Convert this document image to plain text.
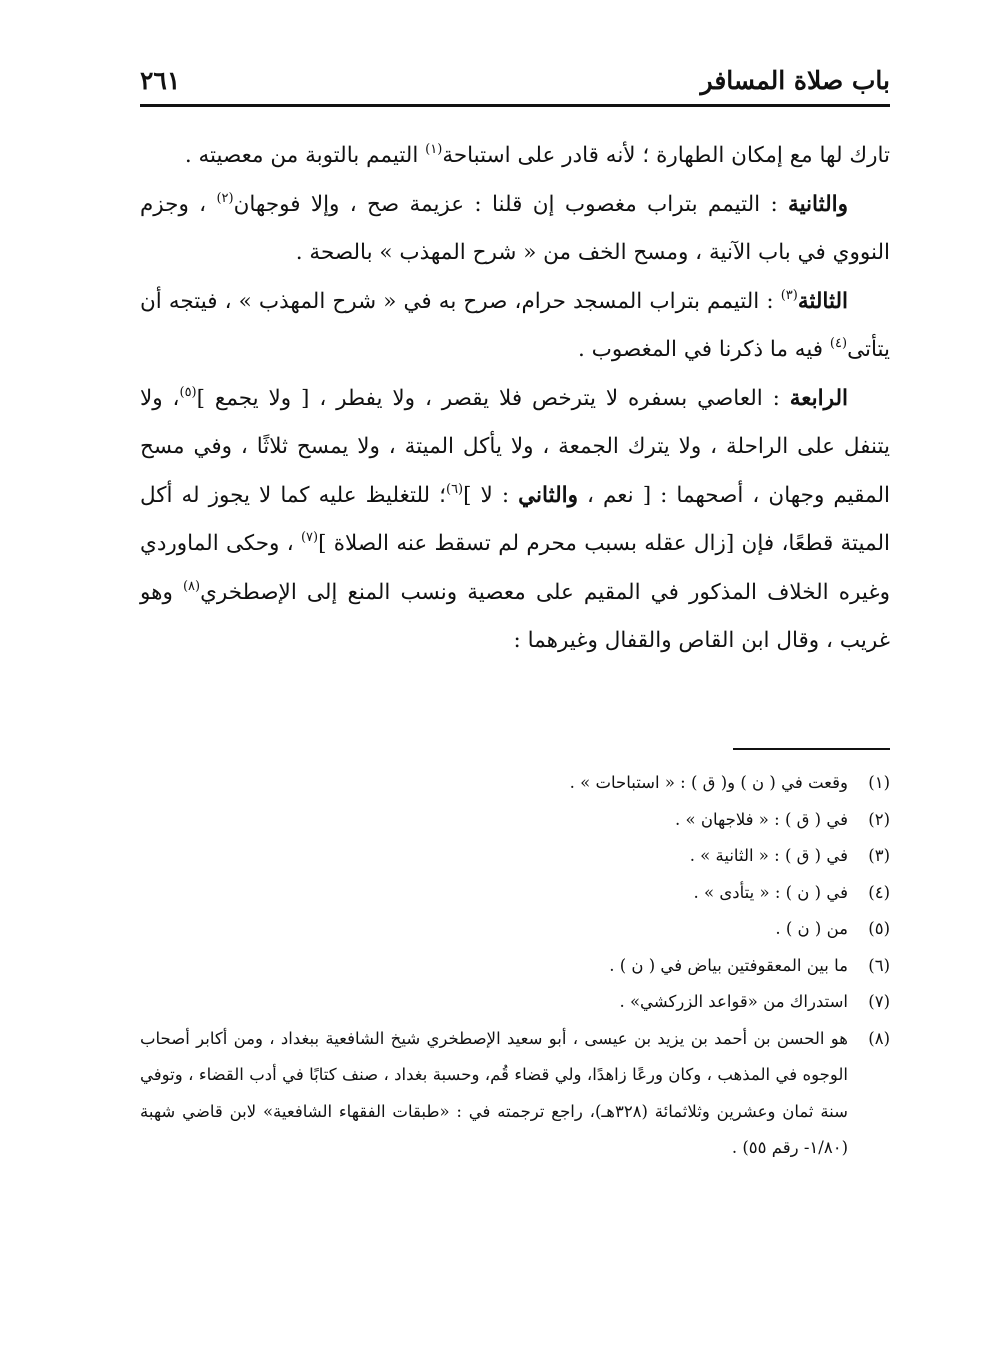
باب صلاة المسافر
٢٦١

تارك لها مع إمكان الطهارة ؛ لأنه قادر على استباحة$^{(١)}$ التيمم بالتوبة من معصيته .

والثانية : التيمم بتراب مغصوب إن قلنا : عزيمة صح ، وإلا فوجهان$^{(٢)}$ ، وجزم النووي في باب الآنية ، ومسح الخف من « شرح المهذب » بالصحة .

الثالثة$^{(٣)}$ : التيمم بتراب المسجد حرام، صرح به في « شرح المهذب » ، فيتجه أن يتأتى$^{(٤)}$ فيه ما ذكرنا في المغصوب .

الرابعة : العاصي بسفره لا يترخص فلا يقصر ، ولا يفطر ، [ ولا يجمع ]$^{(٥)}$، ولا يتنفل على الراحلة ، ولا يترك الجمعة ، ولا يأكل الميتة ، ولا يمسح ثلاثًا ، وفي مسح المقيم وجهان ، أصحهما : [ نعم ، والثاني : لا ]$^{(٦)}$؛ للتغليظ عليه كما لا يجوز له أكل الميتة قطعًا، فإن [زال عقله بسبب محرم لم تسقط عنه الصلاة ]$^{(٧)}$ ، وحكى الماوردي وغيره الخلاف المذكور في المقيم على معصية ونسب المنع إلى الإصطخري$^{(٨)}$ وهو غريب ، وقال ابن القاص والقفال وغيرهما :

(١)
وقعت في ( ن ) و( ق ) : « استباحات » .
(٢)
في ( ق ) : « فلاجهان » .
(٣)
في ( ق ) : « الثانية » .
(٤)
في ( ن ) : « يتأدى » .
(٥)
من ( ن ) .
(٦)
ما بين المعقوفتين بياض في ( ن ) .
(٧)
استدراك من «قواعد الزركشي» .
(٨)
هو الحسن بن أحمد بن يزيد بن عيسى ، أبو سعيد الإصطخري شيخ الشافعية ببغداد ، ومن أكابر أصحاب الوجوه في المذهب ، وكان ورعًا زاهدًا، ولي قضاء قُم، وحسبة بغداد ، صنف كتابًا في أدب القضاء ، وتوفي سنة ثمان وعشرين وثلاثمائة (٣٢٨هـ)، راجع ترجمته في : «طبقات الفقهاء الشافعية» لابن قاضي شهبة (١/٨٠- رقم ٥٥) .
